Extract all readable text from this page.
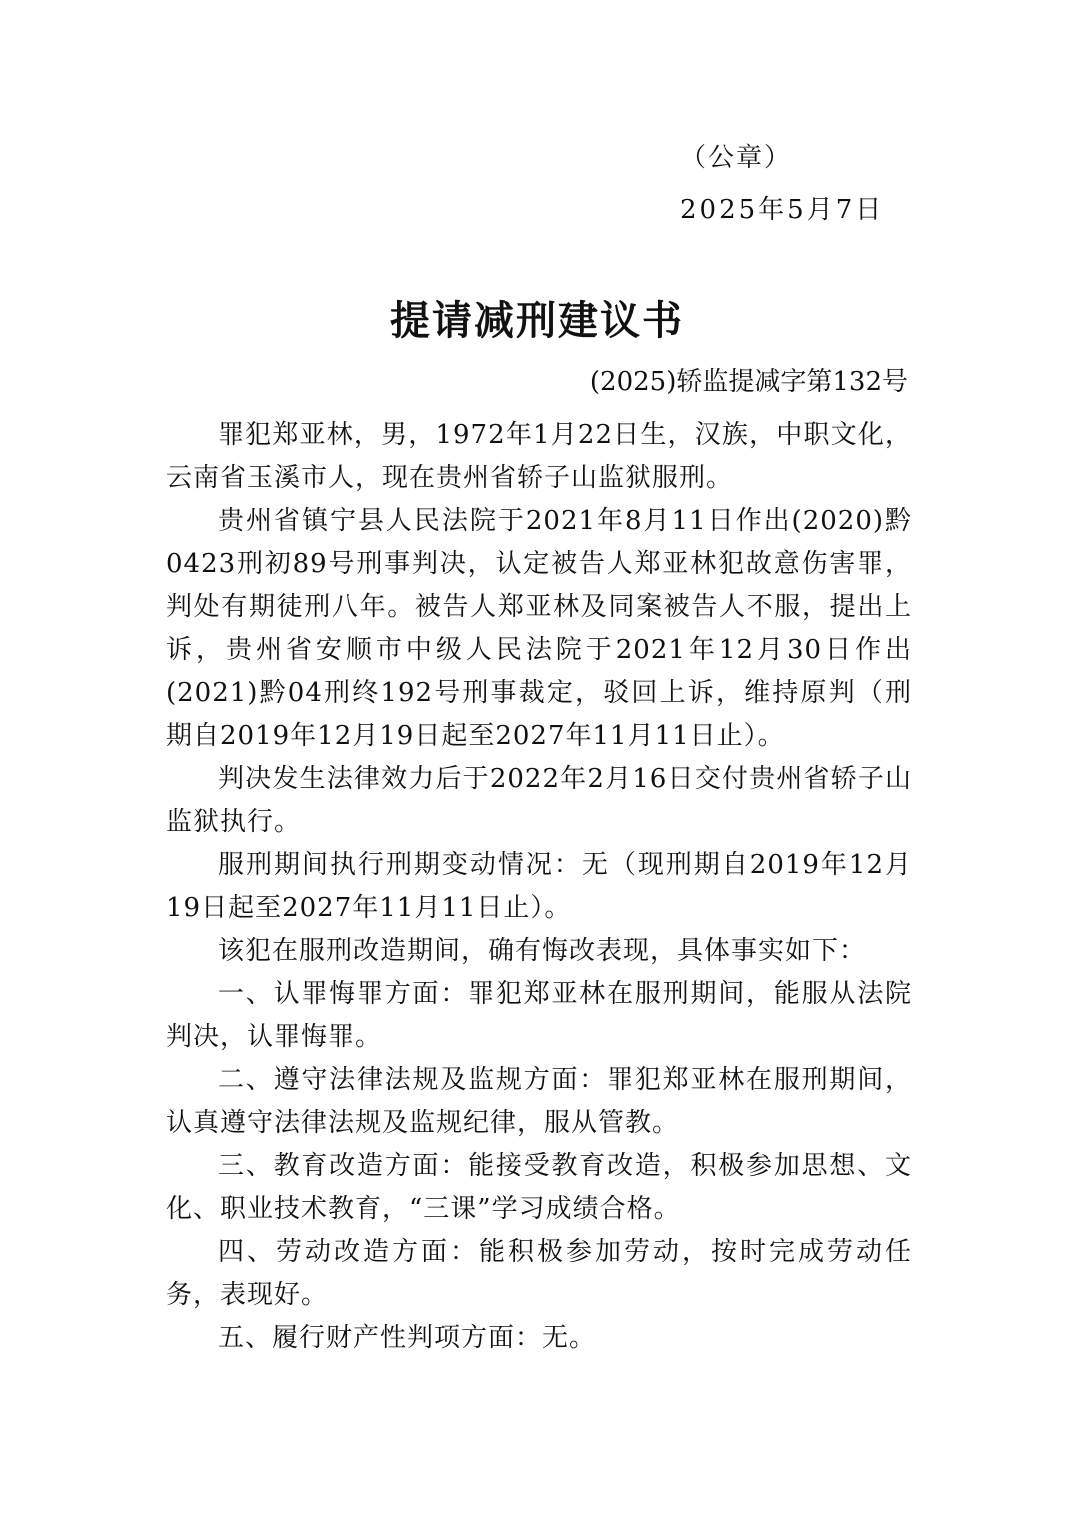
（公章）
2025年5月7日
提请减刑建议书
(2025)轿监提减字第132号

罪犯郑亚林，男，1972年1月22日生，汉族，中职文化，云南省玉溪市人，现在贵州省轿子山监狱服刑。

贵州省镇宁县人民法院于2021年8月11日作出(2020)黔0423刑初89号刑事判决，认定被告人郑亚林犯故意伤害罪，判处有期徒刑八年。被告人郑亚林及同案被告人不服，提出上诉，贵州省安顺市中级人民法院于2021年12月30日作出(2021)黔04刑终192号刑事裁定，驳回上诉，维持原判（刑期自2019年12月19日起至2027年11月11日止）。

判决发生法律效力后于2022年2月16日交付贵州省轿子山监狱执行。

服刑期间执行刑期变动情况：无（现刑期自2019年12月19日起至2027年11月11日止）。

该犯在服刑改造期间，确有悔改表现，具体事实如下：

一、认罪悔罪方面：罪犯郑亚林在服刑期间，能服从法院判决，认罪悔罪。

二、遵守法律法规及监规方面：罪犯郑亚林在服刑期间，认真遵守法律法规及监规纪律，服从管教。

三、教育改造方面：能接受教育改造，积极参加思想、文化、职业技术教育，“三课”学习成绩合格。

四、劳动改造方面：能积极参加劳动，按时完成劳动任务，表现好。

五、履行财产性判项方面：无。
